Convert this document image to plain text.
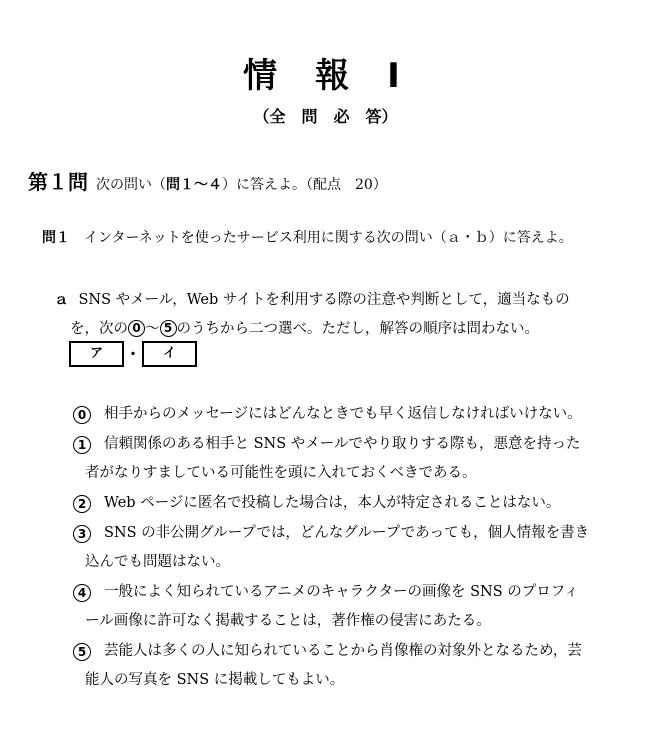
情報Ⅰ
（全　問　必　答）
第１問 次の問い（問１～４）に答えよ。（配点　20）
問１ インターネットを使ったサービス利用に関する次の問い（ａ・ｂ）に答えよ。
ａ SNS やメール，Web サイトを利用する際の注意や判断として，適当なもの
を，次の 0 ～ 5 のうちから二つ選べ。ただし，解答の順序は問わない。
ア ・ イ
0	相手からのメッセージにはどんなときでも早く返信しなければいけない。
1	信頼関係のある相手と SNS やメールでやり取りする際も，悪意を持った
者がなりすましている可能性を頭に入れておくべきである。
2	Web ページに匿名で投稿した場合は，本人が特定されることはない。
3	SNS の非公開グループでは，どんなグループであっても，個人情報を書き
込んでも問題はない。
4	一般によく知られているアニメのキャラクターの画像を SNS のプロフィ
ール画像に許可なく掲載することは，著作権の侵害にあたる。
5	芸能人は多くの人に知られていることから肖像権の対象外となるため，芸
能人の写真を SNS に掲載してもよい。
